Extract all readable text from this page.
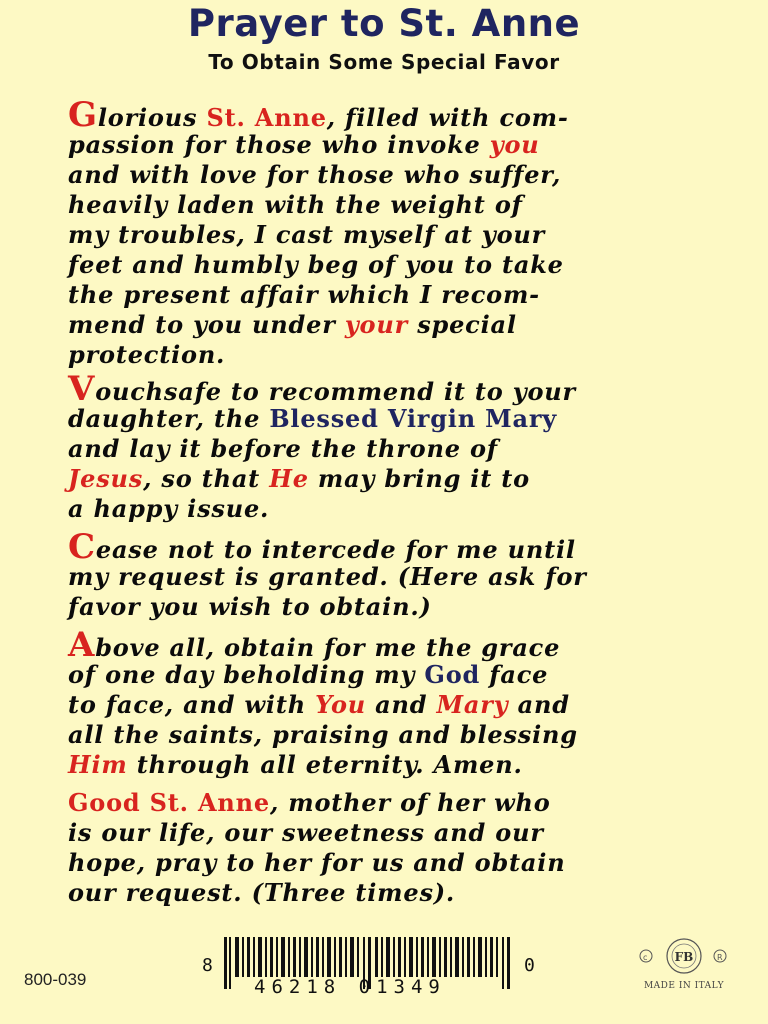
Prayer to St. Anne
To Obtain Some Special Favor
Glorious St. Anne, filled with com-
passion for those who invoke you
and with love for those who suffer,
heavily laden with the weight of
my troubles, I cast myself at your
feet and humbly beg of you to take
the present affair which I recom-
mend to you under your special
protection.
Vouchsafe to recommend it to your
daughter, the Blessed Virgin Mary
and lay it before the throne of
Jesus, so that He may bring it to
a happy issue.
Cease not to intercede for me until
my request is granted. (Here ask for
favor you wish to obtain.)
Above all, obtain for me the grace
of one day beholding my God face
to face, and with You and Mary and
all the saints, praising and blessing
Him through all eternity. Amen.
Good St. Anne, mother of her who
is our life, our sweetness and our
hope, pray to her for us and obtain
our request. (Three times).
800-039
8
46218 01349
0	c FB	R
MADE IN ITALY
